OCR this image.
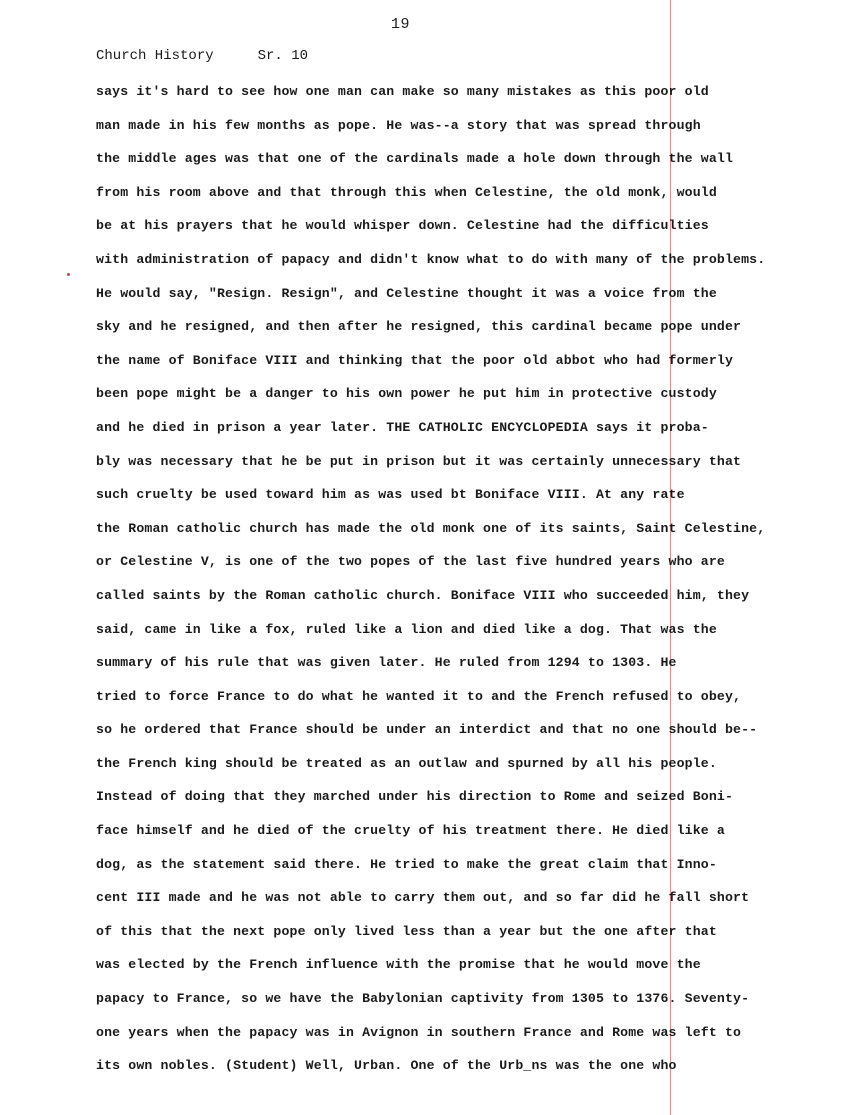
19
Church History	Sr. 10
says it's hard to see how one man can make so many mistakes as this poor old
man made in his few months as pope. He was--a story that was spread through
the middle ages was that one of the cardinals made a hole down through the wall
from his room above and that through this when Celestine, the old monk, would
be at his prayers that he would whisper down. Celestine had the difficulties
with administration of papacy and didn't know what to do with many of the problems.
He would say, "Resign. Resign", and Celestine thought it was a voice from the
sky and he resigned, and then after he resigned, this cardinal became pope under
the name of Boniface VIII and thinking that the poor old abbot who had formerly
been pope might be a danger to his own power he put him in protective custody
and he died in prison a year later. THE CATHOLIC ENCYCLOPEDIA says it proba-
bly was necessary that he be put in prison but it was certainly unnecessary that
such cruelty be used toward him as was used bt Boniface VIII. At any rate
the Roman catholic church has made the old monk one of its saints, Saint Celestine,
or Celestine V, is one of the two popes of the last five hundred years who are
called saints by the Roman catholic church. Boniface VIII who succeeded him, they
said, came in like a fox, ruled like a lion and died like a dog. That was the
summary of his rule that was given later. He ruled from 1294 to 1303. He
tried to force France to do what he wanted it to and the French refused to obey,
so he ordered that France should be under an interdict and that no one should be--
the French king should be treated as an outlaw and spurned by all his people.
Instead of doing that they marched under his direction to Rome and seized Boni-
face himself and he died of the cruelty of his treatment there. He died like a
dog, as the statement said there. He tried to make the great claim that Inno-
cent III made and he was not able to carry them out, and so far did he fall short
of this that the next pope only lived less than a year but the one after that
was elected by the French influence with the promise that he would move the
papacy to France, so we have the Babylonian captivity from 1305 to 1376. Seventy-
one years when the papacy was in Avignon in southern France and Rome was left to
its own nobles. (Student) Well, Urban. One of the Urb_ns was the one who
